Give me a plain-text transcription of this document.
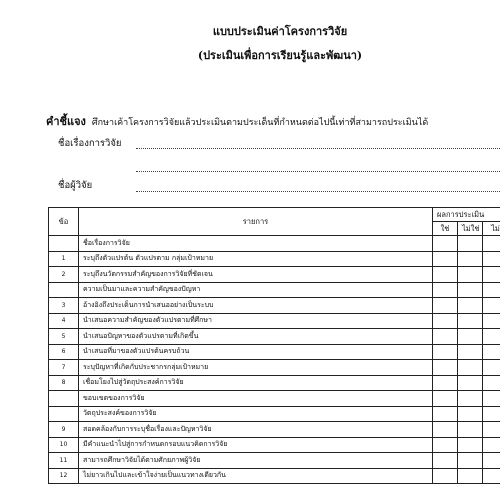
แบบประเมินค่าโครงการวิจัย
(ประเมินเพื่อการเรียนรู้และพัฒนา)
คำชี้แจง ศึกษาเค้าโครงการวิจัยแล้วประเมินตามประเด็นที่กำหนดต่อไปนี้เท่าที่สามารถประเมินได้
ชื่อเรื่องการวิจัย
ชื่อผู้วิจัย
ข้อ	รายการ	ผลการประเมิน		
		ใช่	ไม่ใช่	ไม่
	ชื่อเรื่องการวิจัย			
1	ระบุถึงตัวแปรต้น ตัวแปรตาม กลุ่มเป้าหมาย			
2	ระบุถึงนวัตกรรมสำคัญของการวิจัยที่ชัดเจน			
	ความเป็นมาและความสำคัญของปัญหา			
3	อ้างอิงถึงประเด็นการนำเสนออย่างเป็นระบบ			
4	นำเสนอความสำคัญของตัวแปรตามที่ศึกษา			
5	นำเสนอปัญหาของตัวแปรตามที่เกิดขึ้น			
6	นำเสนอที่มาของตัวแปรต้นครบถ้วน			
7	ระบุปัญหาที่เกิดกับประชากรกลุ่มเป้าหมาย			
8	เชื่อมโยงไปสู่วัตถุประสงค์การวิจัย			
	ขอบเขตของการวิจัย			
	วัตถุประสงค์ของการวิจัย			
9	สอดคล้องกับการระบุชื่อเรื่องและปัญหาวิจัย			
10	มีคำแนะนำไปสู่การกำหนดกรอบแนวคิดการวิจัย			
11	สามารถศึกษาวิจัยได้ตามศักยภาพผู้วิจัย			
12	ไม่ยาวเกินไปและเข้าใจง่ายเป็นแนวทางเดียวกัน			
